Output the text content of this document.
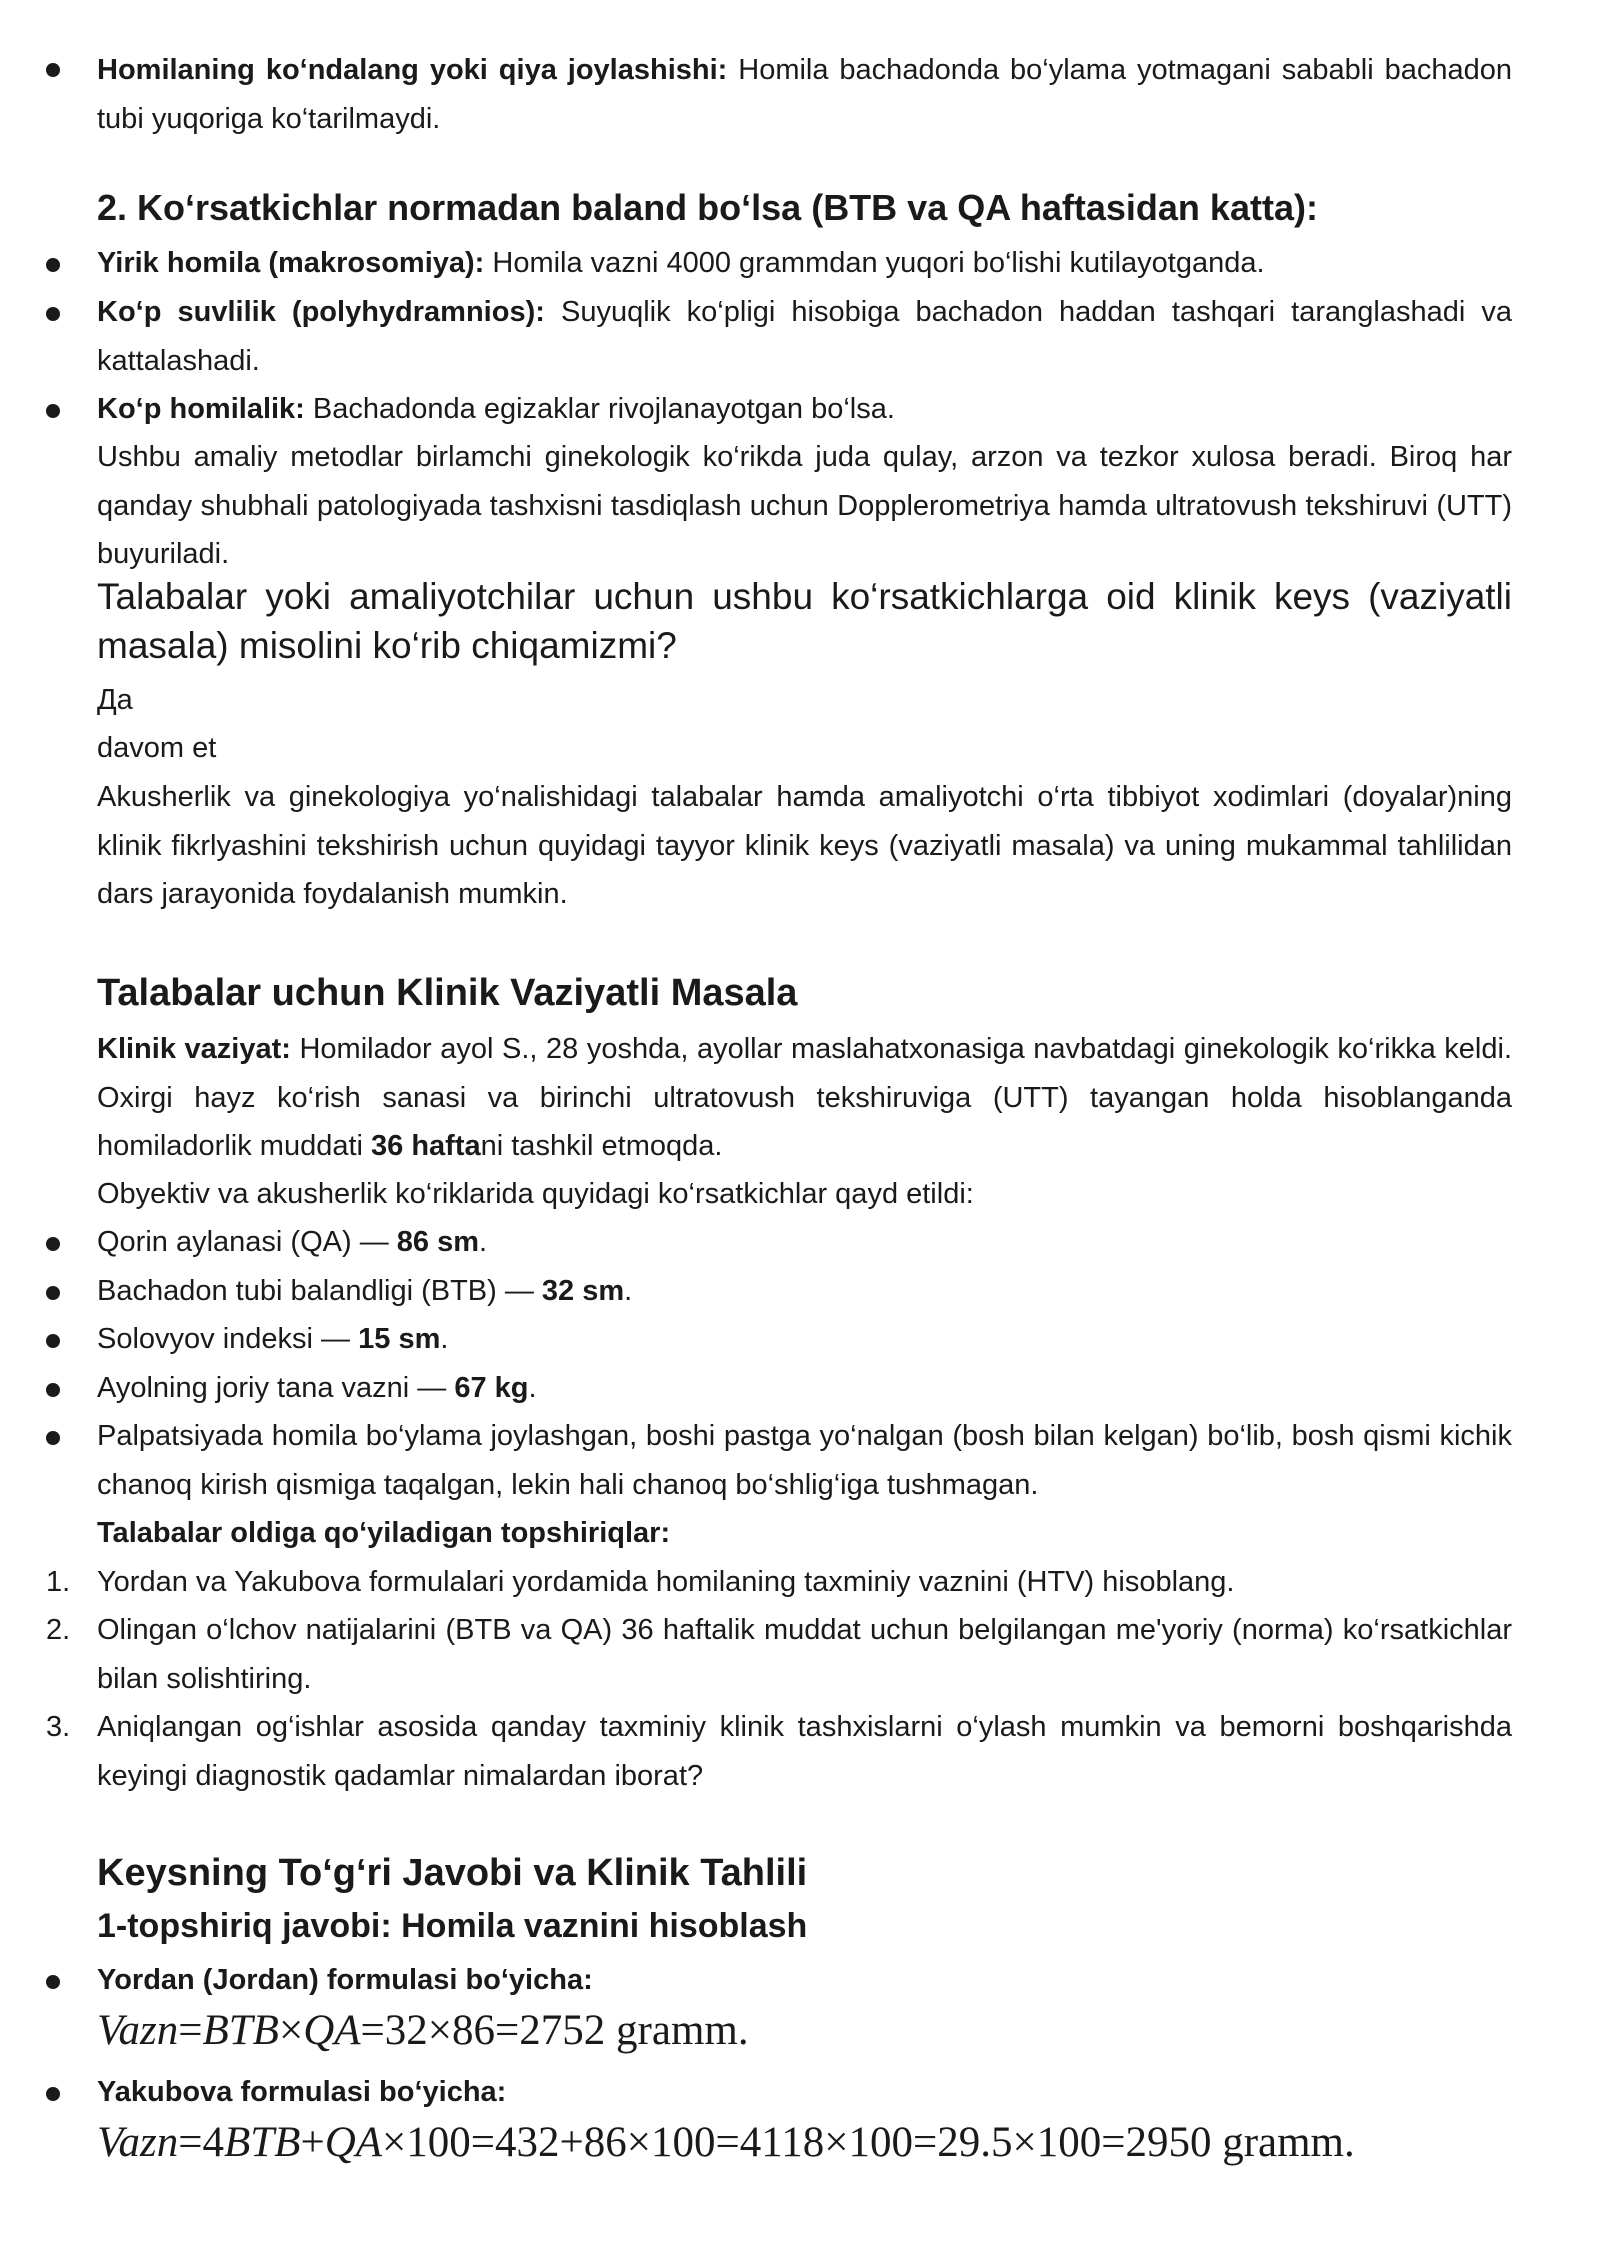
Homilaning ko‘ndalang yoki qiya joylashishi: Homila bachadonda bo‘ylama yotmagani sababli bachadon tubi yuqoriga ko‘tarilmaydi.
2. Ko‘rsatkichlar normadan baland bo‘lsa (BTB va QA haftasidan katta):
Yirik homila (makrosomiya): Homila vazni 4000 grammdan yuqori bo‘lishi kutilayotganda.
Ko‘p suvlilik (polyhydramnios): Suyuqlik ko‘pligi hisobiga bachadon haddan tashqari taranglashadi va kattalashadi.
Ko‘p homilalik: Bachadonda egizaklar rivojlanayotgan bo‘lsa.
Ushbu amaliy metodlar birlamchi ginekologik ko‘rikda juda qulay, arzon va tezkor xulosa beradi. Biroq har qanday shubhali patologiyada tashxisni tasdiqlash uchun Dopplerometriya hamda ultratovush tekshiruvi (UTT) buyuriladi.
Talabalar yoki amaliyotchilar uchun ushbu ko‘rsatkichlarga oid klinik keys (vaziyatli masala) misolini ko‘rib chiqamizmi?
Да
davom et
Akusherlik va ginekologiya yo‘nalishidagi talabalar hamda amaliyotchi o‘rta tibbiyot xodimlari (doyalar)ning klinik fikrlyashini tekshirish uchun quyidagi tayyor klinik keys (vaziyatli masala) va uning mukammal tahlilidan dars jarayonida foydalanish mumkin.
Talabalar uchun Klinik Vaziyatli Masala
Klinik vaziyat: Homilador ayol S., 28 yoshda, ayollar maslahatxonasiga navbatdagi ginekologik ko‘rikka keldi. Oxirgi hayz ko‘rish sanasi va birinchi ultratovush tekshiruviga (UTT) tayangan holda hisoblanganda homiladorlik muddati 36 haftani tashkil etmoqda.
Obyektiv va akusherlik ko‘riklarida quyidagi ko‘rsatkichlar qayd etildi:
Qorin aylanasi (QA) — 86 sm.
Bachadon tubi balandligi (BTB) — 32 sm.
Solovyov indeksi — 15 sm.
Ayolning joriy tana vazni — 67 kg.
Palpatsiyada homila bo‘ylama joylashgan, boshi pastga yo‘nalgan (bosh bilan kelgan) bo‘lib, bosh qismi kichik chanoq kirish qismiga taqalgan, lekin hali chanoq bo‘shlig‘iga tushmagan.
Talabalar oldiga qo‘yiladigan topshiriqlar:
1. Yordan va Yakubova formulalari yordamida homilaning taxminiy vaznini (HTV) hisoblang.
2. Olingan o‘lchov natijalarini (BTB va QA) 36 haftalik muddat uchun belgilangan me'yoriy (norma) ko‘rsatkichlar bilan solishtiring.
3. Aniqlangan og‘ishlar asosida qanday taxminiy klinik tashxislarni o‘ylash mumkin va bemorni boshqarishda keyingi diagnostik qadamlar nimalardan iborat?
Keysning To‘g‘ri Javobi va Klinik Tahlili
1-topshiriq javobi: Homila vaznini hisoblash
Yordan (Jordan) formulasi bo‘yicha:
Vazn=BTB×QA=32×86=2752 gramm.
Yakubova formulasi bo‘yicha:
Vazn=4BTB+QA×100=432+86×100=4118×100=29.5×100=2950 gramm.
